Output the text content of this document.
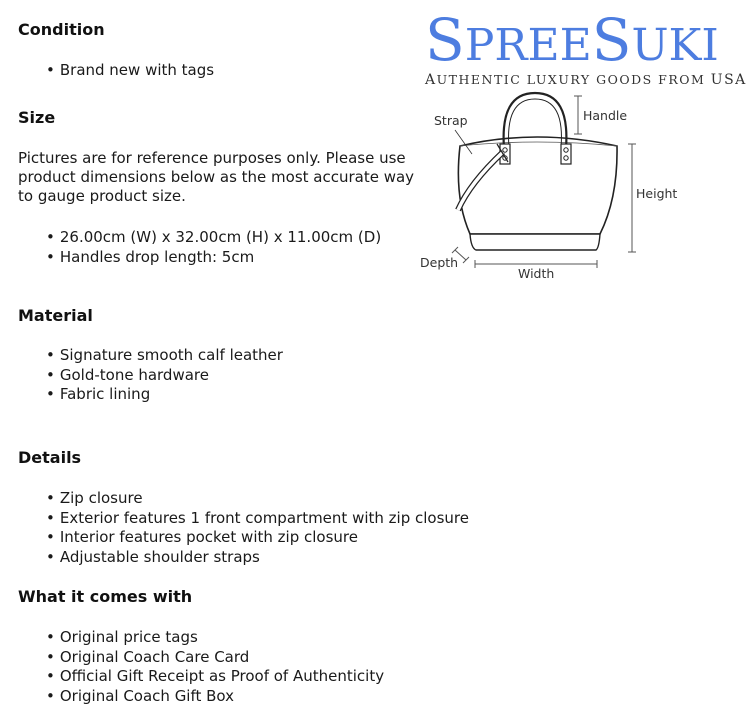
SPREESUKI
AUTHENTIC LUXURY GOODS FROM USA
Strap	Handle
Height
Depth
Width
Condition
• Brand new with tags
Size

Pictures are for reference purposes only. Please use product dimensions below as the most accurate way to gauge product size.

• 26.00cm (W) x 32.00cm (H) x 11.00cm (D)
• Handles drop length: 5cm
Material
• Signature smooth calf leather
• Gold-tone hardware
• Fabric lining
Details
• Zip closure
• Exterior features 1 front compartment with zip closure
• Interior features pocket with zip closure
• Adjustable shoulder straps
What it comes with
• Original price tags
• Original Coach Care Card
• Official Gift Receipt as Proof of Authenticity
• Original Coach Gift Box
